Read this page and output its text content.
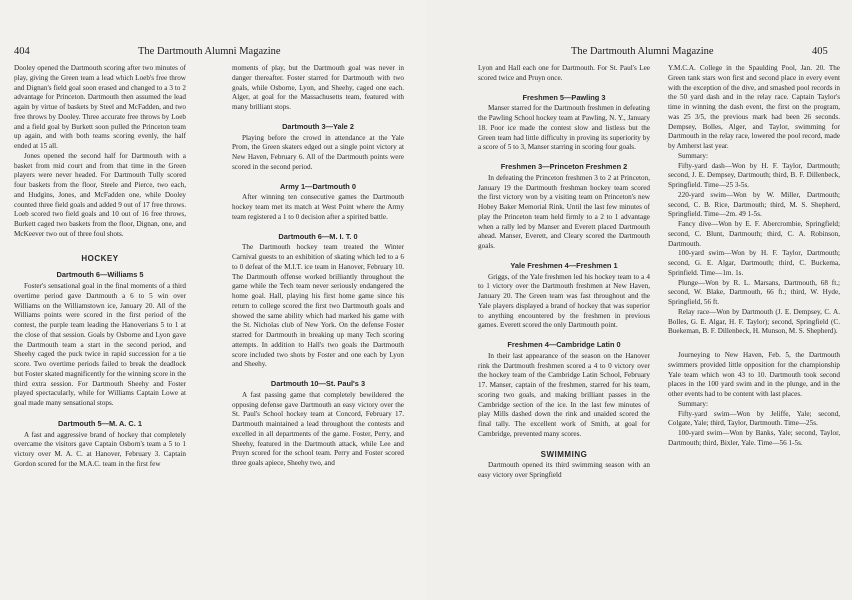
404	The Dartmouth Alumni Magazine

Dooley opened the Dartmouth scoring after two minutes of play, giving the Green team a lead which Loeb's free throw and Dignan's field goal soon erased and changed to a 3 to 2 advantage for Princeton. Dartmouth then assumed the lead again by virtue of baskets by Steel and McFadden, and two free throws by Dooley. Three accurate free throws by Loeb and a field goal by Burkett soon pulled the Princeton team up again, and with both teams scoring evenly, the half ended at 15 all.

Jones opened the second half for Dartmouth with a basket from mid court and from that time in the Green players were never headed. For Dartmouth Tully scored four baskets from the floor, Steele and Pierce, two each, and Hudgins, Jones, and McFadden one, while Dooley counted three field goals and added 9 out of 17 free throws. Loeb scored two field goals and 10 out of 16 free throws, Burkett caged two baskets from the floor, Dignan, one, and McKeever two out of three foul shots.

HOCKEY
Dartmouth 6—Williams 5

Foster's sensational goal in the final moments of a third overtime period gave Dartmouth a 6 to 5 win over Williams on the Williamstown ice, January 20. All of the Williams points were scored in the first period of the contest, the purple team leading the Hanoverians 5 to 1 at the close of that session. Goals by Osborne and Lyon gave the Dartmouth team a start in the second period, and Sheehy caged the puck twice in rapid succession for a tie score. Two overtime periods failed to break the deadlock but Foster skated magnificently for the winning score in the third extra session. For Dartmouth Sheehy and Foster played spectacularly, while for Williams Captain Lowe at goal made many sensational stops.

Dartmouth 5—M. A. C. 1

A fast and aggressive brand of hockey that completely overcame the visitors gave Captain Osborn's team a 5 to 1 victory over M. A. C. at Hanover, February 3. Captain Gordon scored for the M.A.C. team in the first few

moments of play, but the Dartmouth goal was never in danger thereafter. Foster starred for Dartmouth with two goals, while Osborne, Lyon, and Sheehy, caged one each. Alger, at goal for the Massachusetts team, featured with many brilliant stops.

Dartmouth 3—Yale 2

Playing before the crowd in attendance at the Yale Prom, the Green skaters edged out a single point victory at New Haven, February 6. All of the Dartmouth points were scored in the second period.

Army 1—Dartmouth 0

After winning ten consecutive games the Dartmouth hockey team met its match at West Point where the Army team registered a 1 to 0 decision after a spirited battle.

Dartmouth 6—M. I. T. 0

The Dartmouth hockey team treated the Winter Carnival guests to an exhibition of skating which led to a 6 to 0 defeat of the M.I.T. ice team in Hanover, February 10. The Dartmouth offense worked brilliantly throughout the game while the Tech team never seriously endangered the home goal. Hall, playing his first home game since his return to college scored the first two Dartmouth goals and showed the same ability which had marked his game with the St. Nicholas club of New York. On the defense Foster starred for Dartmouth in breaking up many Tech scoring attempts. In addition to Hall's two goals the Dartmouth score included two shots by Foster and one each by Lyon and Sheehy.

Dartmouth 10—St. Paul's 3

A fast passing game that completely bewildered the opposing defense gave Dartmouth an easy victory over the St. Paul's School hockey team at Concord, February 17. Dartmouth maintained a lead throughout the contests and excelled in all departments of the game. Foster, Perry, and Sheehy, featured in the Dartmouth attack, while Lee and Pruyn scored for the school team. Perry and Foster scored three goals apiece, Sheehy two, and

The Dartmouth Alumni Magazine	405

Lyon and Hall each one for Dartmouth. For St. Paul's Lee scored twice and Pruyn once.

Freshmen 5—Pawling 3

Manser starred for the Dartmouth freshmen in defeating the Pawling School hockey team at Pawling, N. Y., January 18. Poor ice made the contest slow and listless but the Green team had little difficulty in proving its superiority by a score of 5 to 3, Manser starring in scoring four goals.

Freshmen 3—Princeton Freshmen 2

In defeating the Princeton freshmen 3 to 2 at Princeton, January 19 the Dartmouth freshman hockey team scored the first victory won by a visiting team on Princeton's new Hobey Baker Memorial Rink. Until the last few minutes of play the Princeton team held firmly to a 2 to 1 advantage when a rally led by Manser and Everett placed Dartmouth ahead. Manser, Everett, and Cleary scored the Dartmouth goals.

Yale Freshmen 4—Freshmen 1

Griggs, of the Yale freshmen led his hockey team to a 4 to 1 victory over the Dartmouth freshmen at New Haven, January 20. The Green team was fast throughout and the Yale players displayed a brand of hockey that was superior to anything encountered by the freshmen in previous games. Everett scored the only Dartmouth point.

Freshmen 4—Cambridge Latin 0

In their last appearance of the season on the Hanover rink the Dartmouth freshmen scored a 4 to 0 victory over the hockey team of the Cambridge Latin School, February 17. Manser, captain of the freshmen, starred for his team, scoring two goals, and making brilliant passes in the Cambridge section of the ice. In the last few minutes of play Mills dashed down the rink and unaided scored the final tally. The excellent work of Smith, at goal for Cambridge, prevented many scores.

SWIMMING

Dartmouth opened its third swimming season with an easy victory over Springfield

Y.M.C.A. College in the Spaulding Pool, Jan. 20. The Green tank stars won first and second place in every event with the exception of the dive, and smashed pool records in the 50 yard dash and in the relay race. Captain Taylor's time in winning the dash event, the first on the program, was 25 3/5, the previous mark had been 26 seconds. Dempsey, Bolles, Alger, and Taylor, swimming for Dartmouth in the relay race, lowered the pool record, made by Amherst last year.

Summary:

Fifty-yard dash—Won by H. F. Taylor, Dartmouth; second, J. E. Dempsey, Dartmouth; third, B. F. Dillenbeck, Springfield. Time—25 3-5s.

220-yard swim—Won by W. Miller, Dartmouth; second, C. B. Rice, Dartmouth; third, M. S. Shepherd, Springfield. Time—2m. 49 1-5s.

Fancy dive—Won by E. F. Abercrombie, Springfield; second, C. Blunt, Dartmouth; third, C. A. Robinson, Dartmouth.

100-yard swim—Won by H. F. Taylor, Dartmouth; second, G. E. Algar, Dartmouth; third, C. Buckema, Sprinfield. Time—1m. 1s.

Plunge—Won by R. L. Marsans, Dartmouth, 68 ft.; second, W. Blake, Dartmouth, 66 ft.; third, W. Hyde, Springfield, 56 ft.

Relay race—Won by Dartmouth (J. E. Dempsey, C. A. Bolles, G. E. Algar, H. F. Taylor); second, Springfield (C. Buekeman, B. F. Dillenbeck, H. Munson, M. S. Shepherd).

Journeying to New Haven, Feb. 5, the Dartmouth swimmers provided little opposition for the championship Yale team which won 43 to 10. Dartmouth took second places in the 100 yard swim and in the plunge, and in the other events had to be content with last places.

Summary:

Fifty-yard swim—Won by Jeliffe, Yale; second, Colgate, Yale; third, Taylor, Dartmouth. Time—25s.

100-yard swim—Won by Banks, Yale; second, Taylor, Dartmouth; third, Bixler, Yale. Time—56 1-5s.
